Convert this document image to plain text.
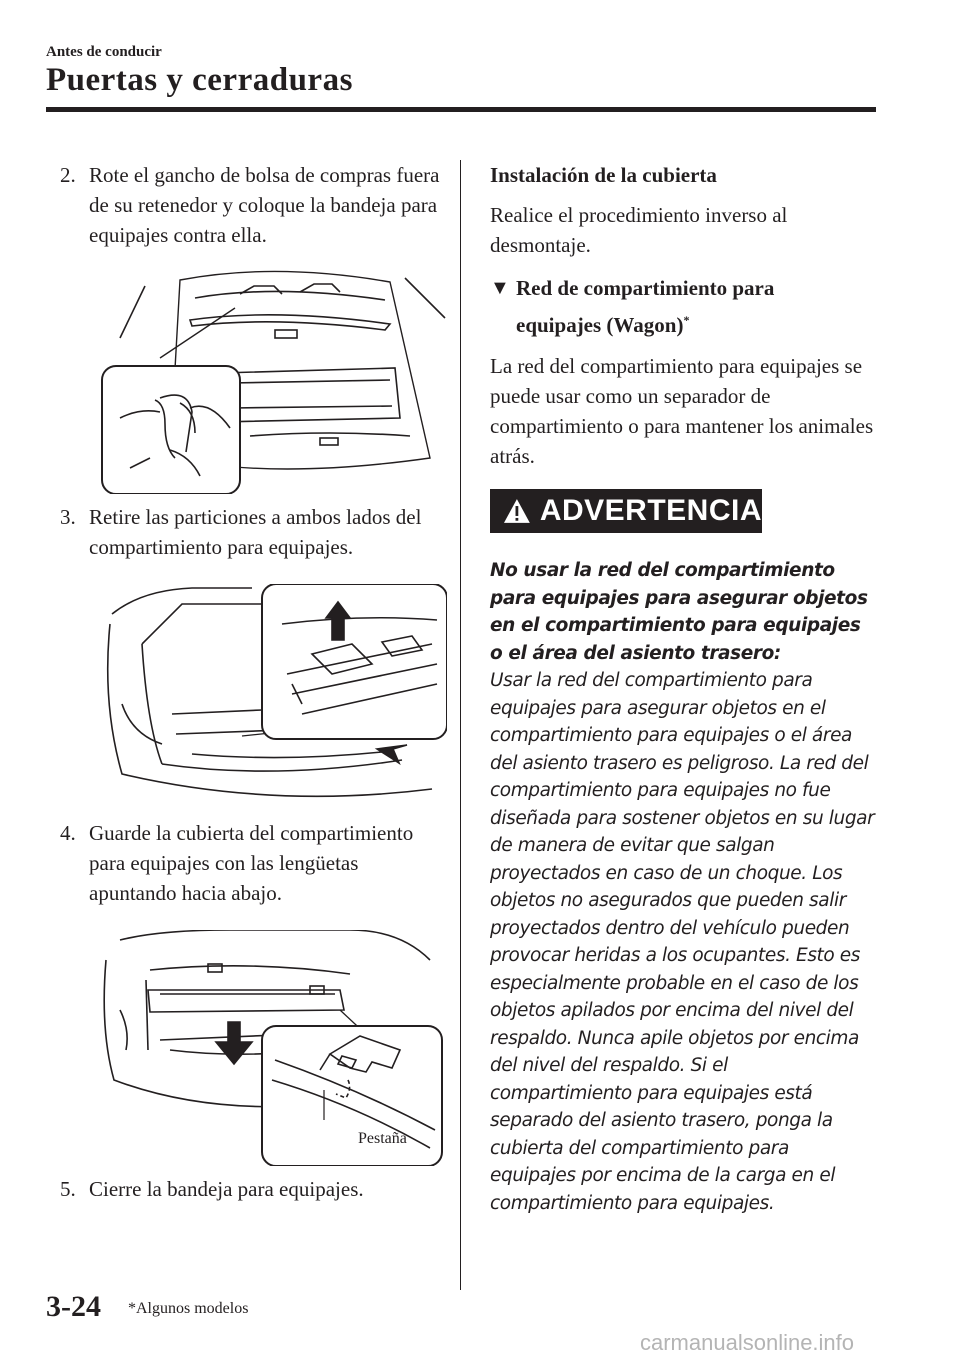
Antes de conducir
Puertas y cerraduras

2. Rote el gancho de bolsa de compras fuera de su retenedor y coloque la bandeja para equipajes contra ella.

3. Retire las particiones a ambos lados del compartimiento para equipajes.

4. Guarde la cubierta del compartimiento para equipajes con las lengüetas apuntando hacia abajo.

Pestaña

5. Cierre la bandeja para equipajes.

Instalación de la cubierta

Realice el procedimiento inverso al desmontaje.

▼ Red de compartimiento para
equipajes (Wagon)*

La red del compartimiento para equipajes se puede usar como un separador de compartimiento o para mantener los animales atrás.

ADVERTENCIA

No usar la red del compartimiento para equipajes para asegurar objetos en el compartimiento para equipajes o el área del asiento trasero:

Usar la red del compartimiento para equipajes para asegurar objetos en el compartimiento para equipajes o el área del asiento trasero es peligroso. La red del compartimiento para equipajes no fue diseñada para sostener objetos en su lugar de manera de evitar que salgan proyectados en caso de un choque. Los objetos no asegurados que pueden salir proyectados dentro del vehículo pueden provocar heridas a los ocupantes. Esto es especialmente probable en el caso de los objetos apilados por encima del nivel del respaldo. Nunca apile objetos por encima del nivel del respaldo. Si el compartimiento para equipajes está separado del asiento trasero, ponga la cubierta del compartimiento para equipajes por encima de la carga en el compartimiento para equipajes.

3-24 *Algunos modelos
carmanualsonline.info
